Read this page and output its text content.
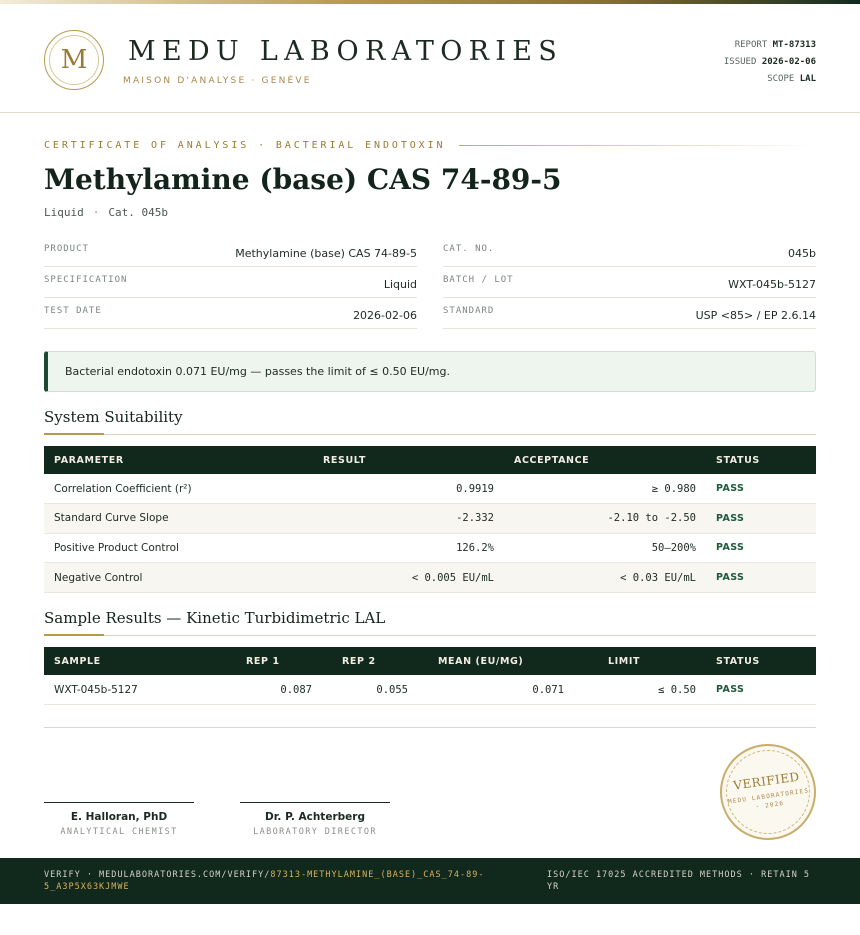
M	MEDU LABORATORIES
MAISON D'ANALYSE · GENÈVE
REPORT MT-87313
ISSUED 2026-02-06
SCOPE LAL
CERTIFICATE OF ANALYSIS · BACTERIAL ENDOTOXIN
Methylamine (base) CAS 74-89-5
Liquid · Cat. 045b
PRODUCT	Methylamine (base) CAS 74-89-5
SPECIFICATION	Liquid
TEST DATE	2026-02-06
CAT. NO.	045b
BATCH / LOT	WXT-045b-5127
STANDARD	USP <85> / EP 2.6.14
Bacterial endotoxin 0.071 EU/mg — passes the limit of ≤ 0.50 EU/mg.
System Suitability
PARAMETER	RESULT	ACCEPTANCE	STATUS
Correlation Coefficient (r²)	0.9919	≥ 0.980	PASS
Standard Curve Slope	-2.332	-2.10 to -2.50	PASS
Positive Product Control	126.2%	50–200%	PASS
Negative Control	< 0.005 EU/mL	< 0.03 EU/mL	PASS
Sample Results — Kinetic Turbidimetric LAL
SAMPLE	REP 1	REP 2	MEAN (EU/MG)	LIMIT	STATUS
WXT-045b-5127	0.087	0.055	0.071	≤ 0.50	PASS
E. Halloran, PhD
ANALYTICAL CHEMIST
Dr. P. Achterberg
LABORATORY DIRECTOR
VERIFIED
MEDU LABORATORIES · 2026
VERIFY · MEDULABORATORIES.COM/VERIFY/87313-METHYLAMINE_(BASE)_CAS_74-89-5_A3P5X63KJMWE
ISO/IEC 17025 ACCREDITED METHODS · RETAIN 5 YR
